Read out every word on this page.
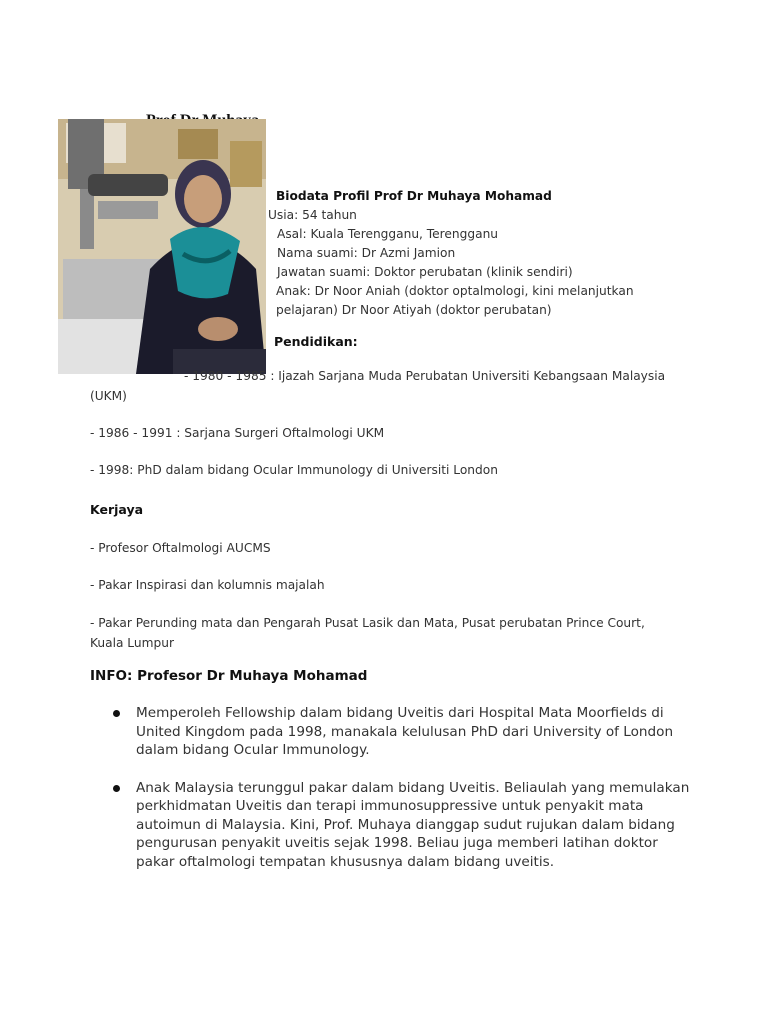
Biodata Profil Prof Dr Muhaya Mohamad
Usia: 54 tahun
Asal: Kuala Terengganu, Terengganu
Nama suami: Dr Azmi Jamion
Jawatan suami: Doktor perubatan (klinik sendiri)
Anak: Dr Noor Aniah (doktor optalmologi, kini melanjutkan
pelajaran) Dr Noor Atiyah (doktor perubatan)
Pendidikan:
- 1980 - 1985 : Ijazah Sarjana Muda Perubatan Universiti Kebangsaan Malaysia
(UKM)
- 1986 - 1991 : Sarjana Surgeri Oftalmologi UKM
- 1998: PhD dalam bidang Ocular Immunology di Universiti London
Kerjaya
- Profesor Oftalmologi AUCMS
- Pakar Inspirasi dan kolumnis majalah
- Pakar Perunding mata dan Pengarah Pusat Lasik dan Mata, Pusat perubatan Prince Court,
Kuala Lumpur
INFO: Profesor Dr Muhaya Mohamad
Memperoleh Fellowship dalam bidang Uveitis dari Hospital Mata Moorfields di
United Kingdom pada 1998, manakala kelulusan PhD dari University of London
dalam bidang Ocular Immunology.
Anak Malaysia terunggul pakar dalam bidang Uveitis. Beliaulah yang memulakan
perkhidmatan Uveitis dan terapi immunosuppressive untuk penyakit mata
autoimun di Malaysia. Kini, Prof. Muhaya dianggap sudut rujukan dalam bidang
pengurusan penyakit uveitis sejak 1998. Beliau juga memberi latihan doktor
pakar oftalmologi tempatan khususnya dalam bidang uveitis.
